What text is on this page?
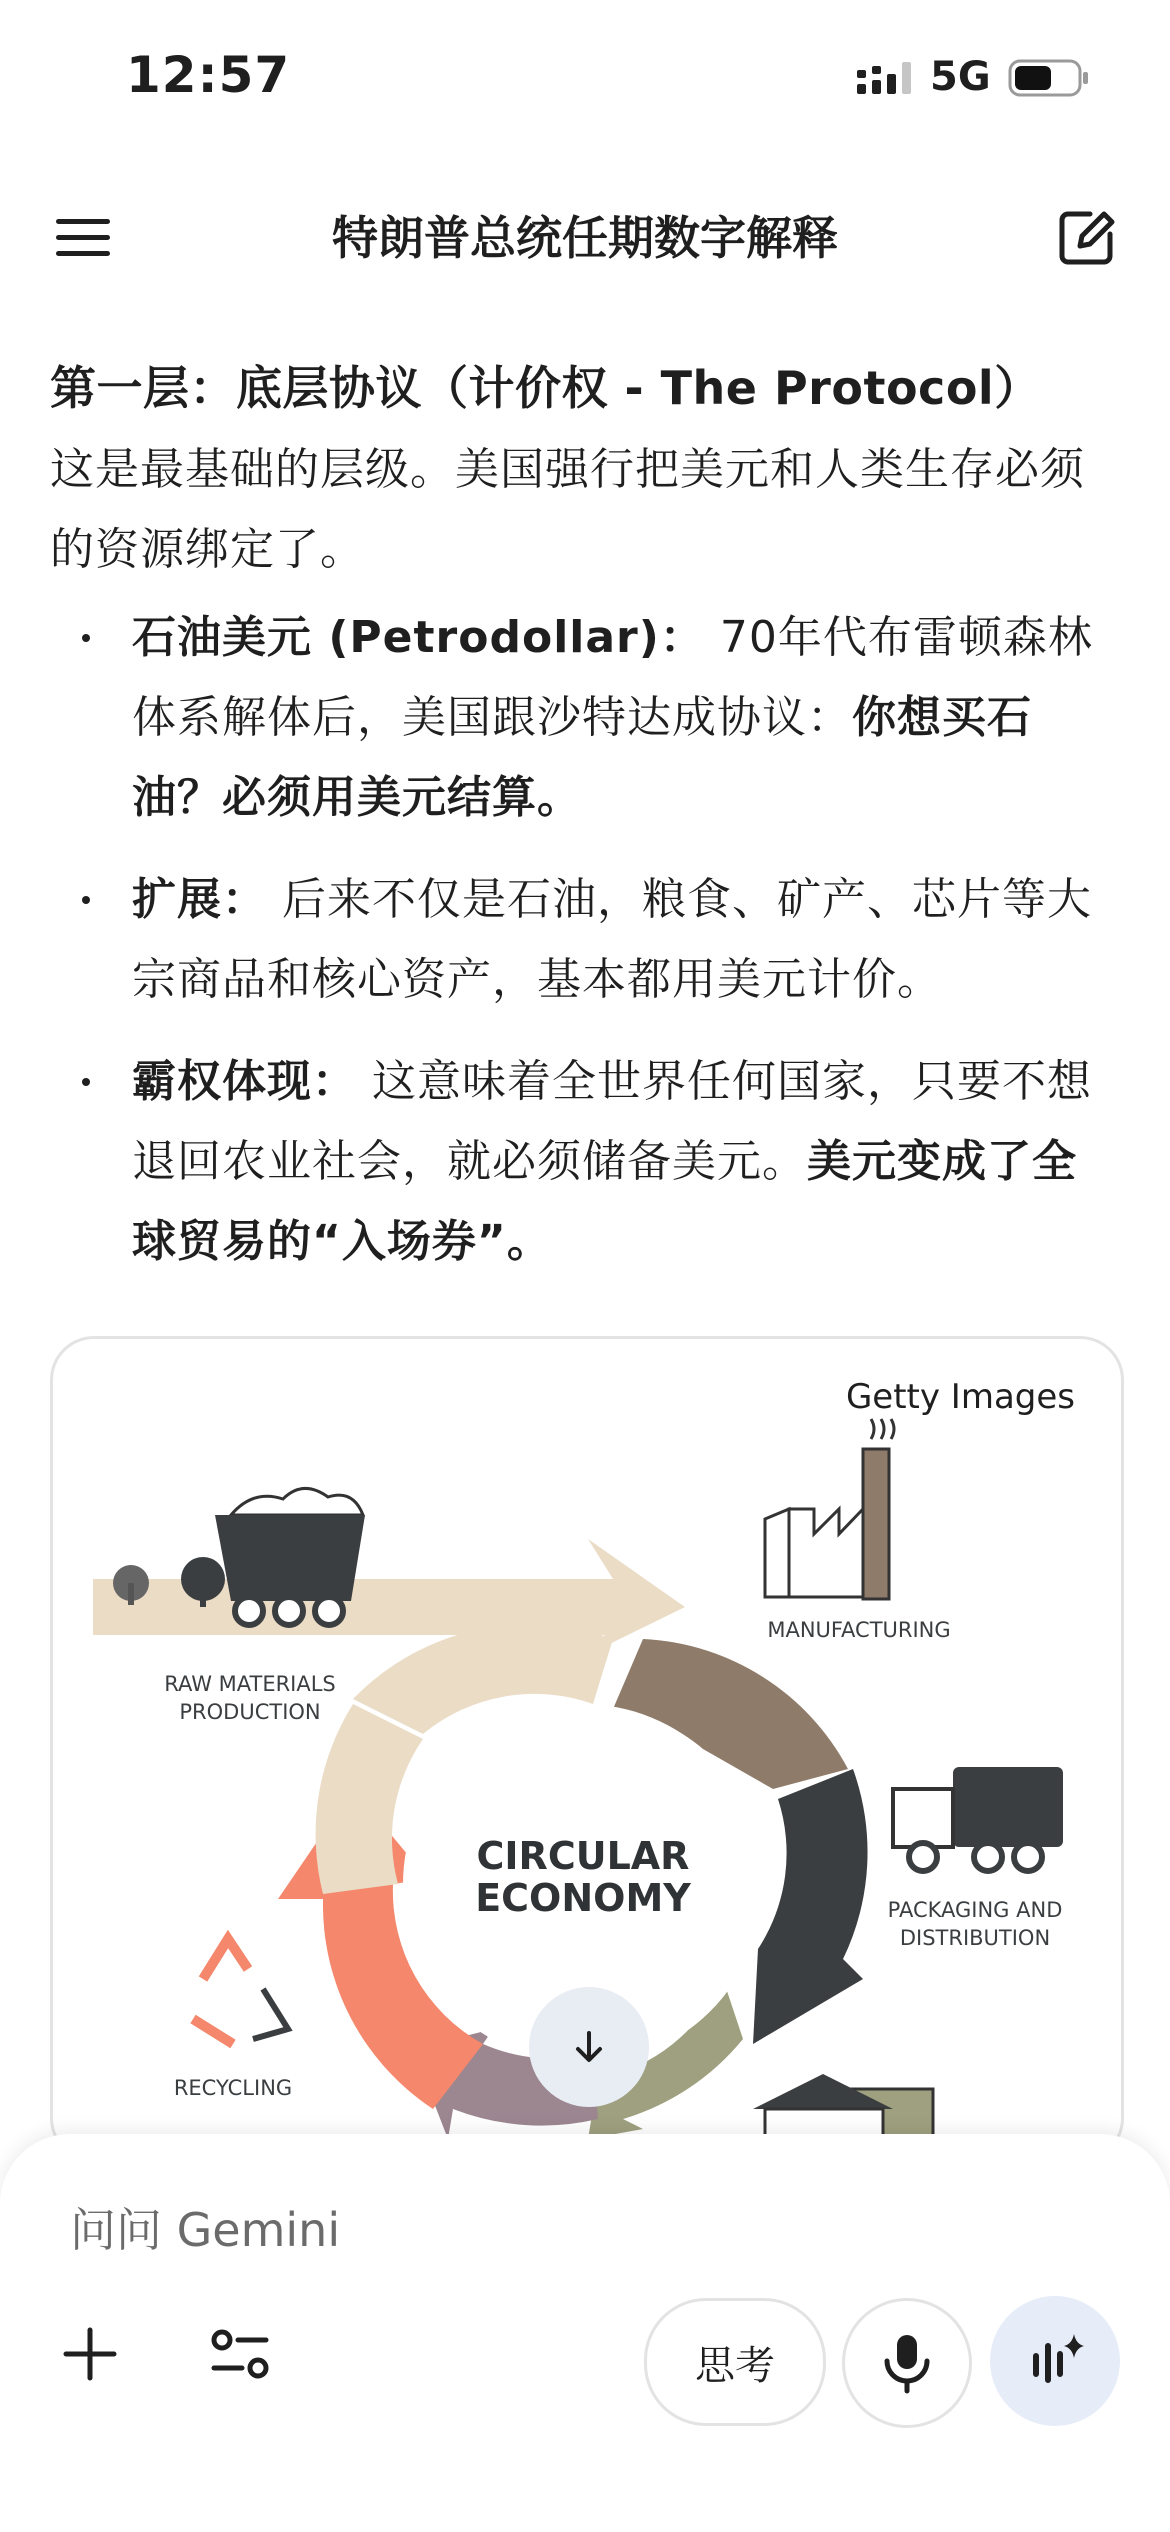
12:57	5G
特朗普总统任期数字解释

第一层：底层协议（计价权 - The Protocol）

这是最基础的层级。美国强行把美元和人类生存必须的资源绑定了。

石油美元 (Petrodollar)： 70年代布雷顿森林体系解体后，美国跟沙特达成协议：你想买石油？必须用美元结算。
扩展： 后来不仅是石油，粮食、矿产、芯片等大宗商品和核心资产，基本都用美元计价。
霸权体现： 这意味着全世界任何国家，只要不想退回农业社会，就必须储备美元。美元变成了全球贸易的“入场券”。
CIRCULAR
ECONOMY
RAW MATERIALS
PRODUCTION
MANUFACTURING
PACKAGING AND
DISTRIBUTION
RECYCLING
Getty Images
问问 Gemini
思考
